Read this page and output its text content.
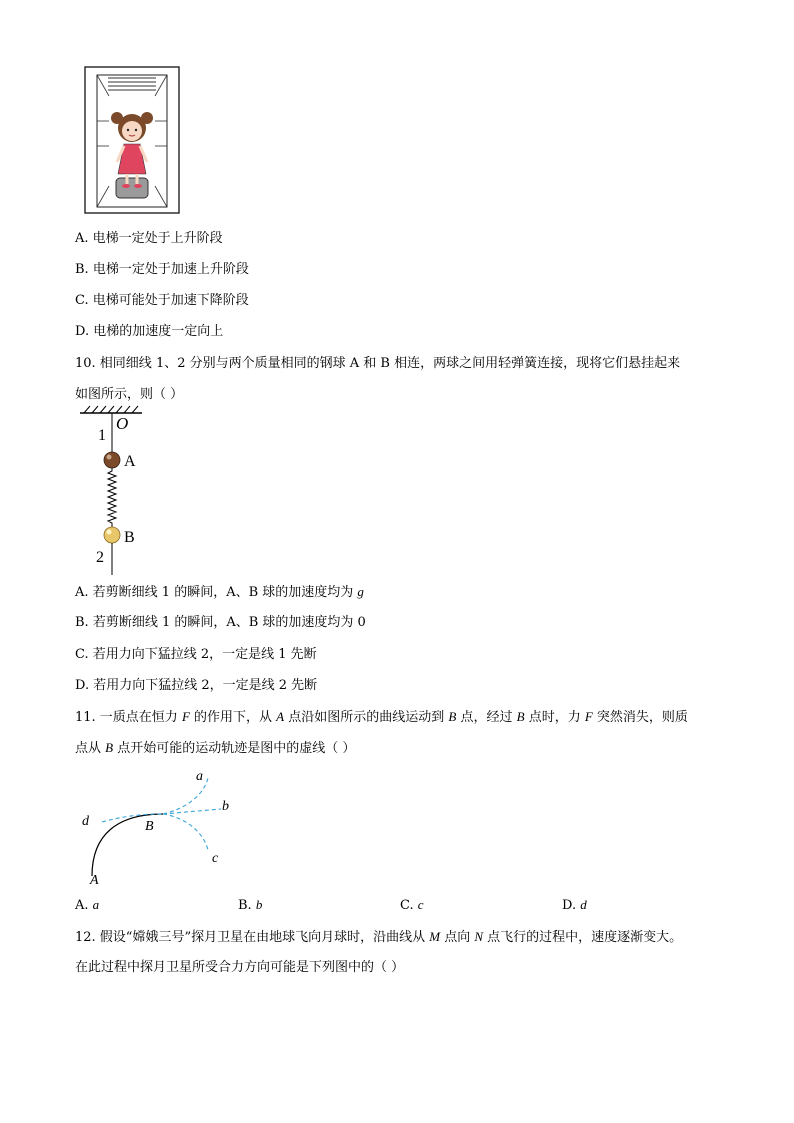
A. 电梯一定处于上升阶段
B. 电梯一定处于加速上升阶段
C. 电梯可能处于加速下降阶段
D. 电梯的加速度一定向上
10. 相同细线 1、2 分别与两个质量相同的钢球 A 和 B 相连，两球之间用轻弹簧连接，现将它们悬挂起来
如图所示，则（ ）
O
1
A
B
2
A. 若剪断细线 1 的瞬间，A、B 球的加速度均为 g
B. 若剪断细线 1 的瞬间，A、B 球的加速度均为 0
C. 若用力向下猛拉线 2，一定是线 1 先断
D. 若用力向下猛拉线 2，一定是线 2 先断
11. 一质点在恒力 F 的作用下，从 A 点沿如图所示的曲线运动到 B 点，经过 B 点时，力 F 突然消失，则质
点从 B 点开始可能的运动轨迹是图中的虚线（ ）
a
b
c
d	B
A
A. a	B. b	C. c	D. d
12. 假设“嫦娥三号”探月卫星在由地球飞向月球时，沿曲线从 M 点向 N 点飞行的过程中，速度逐渐变大。
在此过程中探月卫星所受合力方向可能是下列图中的（ ）
